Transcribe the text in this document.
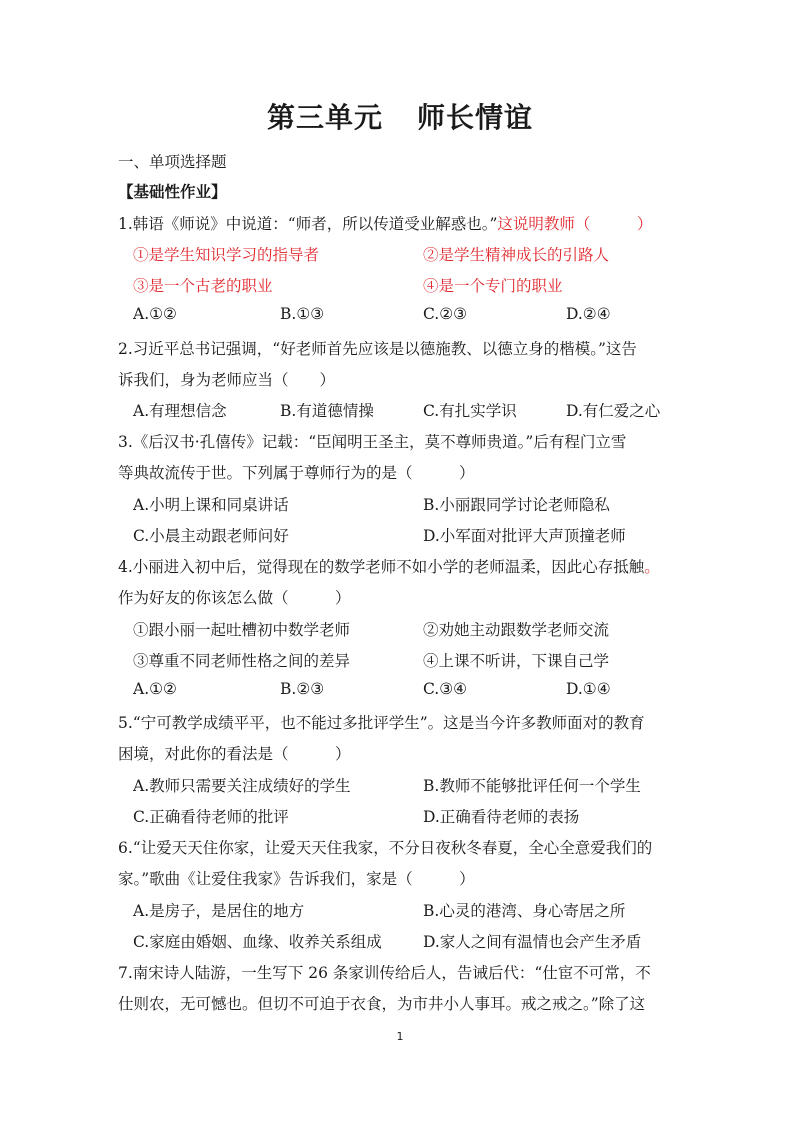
第三单元 师长情谊
一、单项选择题
【基础性作业】
1.韩语《师说》中说道：“师者，所以传道受业解惑也。”这说明教师（　　　）
①是学生知识学习的指导者	②是学生精神成长的引路人
③是一个古老的职业	④是一个专门的职业
A.①②	B.①③	C.②③	D.②④
2.习近平总书记强调，“好老师首先应该是以德施教、以德立身的楷模。”这告
诉我们，身为老师应当（　　）
A.有理想信念	B.有道德情操	C.有扎实学识	D.有仁爱之心
3.《后汉书·孔僖传》记载：“臣闻明王圣主，莫不尊师贵道。”后有程门立雪
等典故流传于世。下列属于尊师行为的是（　　　）
A.小明上课和同桌讲话	B.小丽跟同学讨论老师隐私
C.小晨主动跟老师问好	D.小军面对批评大声顶撞老师
4.小丽进入初中后，觉得现在的数学老师不如小学的老师温柔，因此心存抵触。
作为好友的你该怎么做（　　　）
①跟小丽一起吐槽初中数学老师	②劝她主动跟数学老师交流
③尊重不同老师性格之间的差异	④上课不听讲，下课自己学
A.①②	B.②③	C.③④	D.①④
5.“宁可教学成绩平平，也不能过多批评学生”。这是当今许多教师面对的教育
困境，对此你的看法是（　　　）
A.教师只需要关注成绩好的学生	B.教师不能够批评任何一个学生
C.正确看待老师的批评	D.正确看待老师的表扬
6.“让爱天天住你家，让爱天天住我家，不分日夜秋冬春夏，全心全意爱我们的
家。”歌曲《让爱住我家》告诉我们，家是（　　　）
A.是房子，是居住的地方	B.心灵的港湾、身心寄居之所
C.家庭由婚姻、血缘、收养关系组成	D.家人之间有温情也会产生矛盾
7.南宋诗人陆游，一生写下 26 条家训传给后人，告诫后代：“仕宦不可常，不
仕则农，无可憾也。但切不可迫于衣食，为市井小人事耳。戒之戒之。”除了这
1
